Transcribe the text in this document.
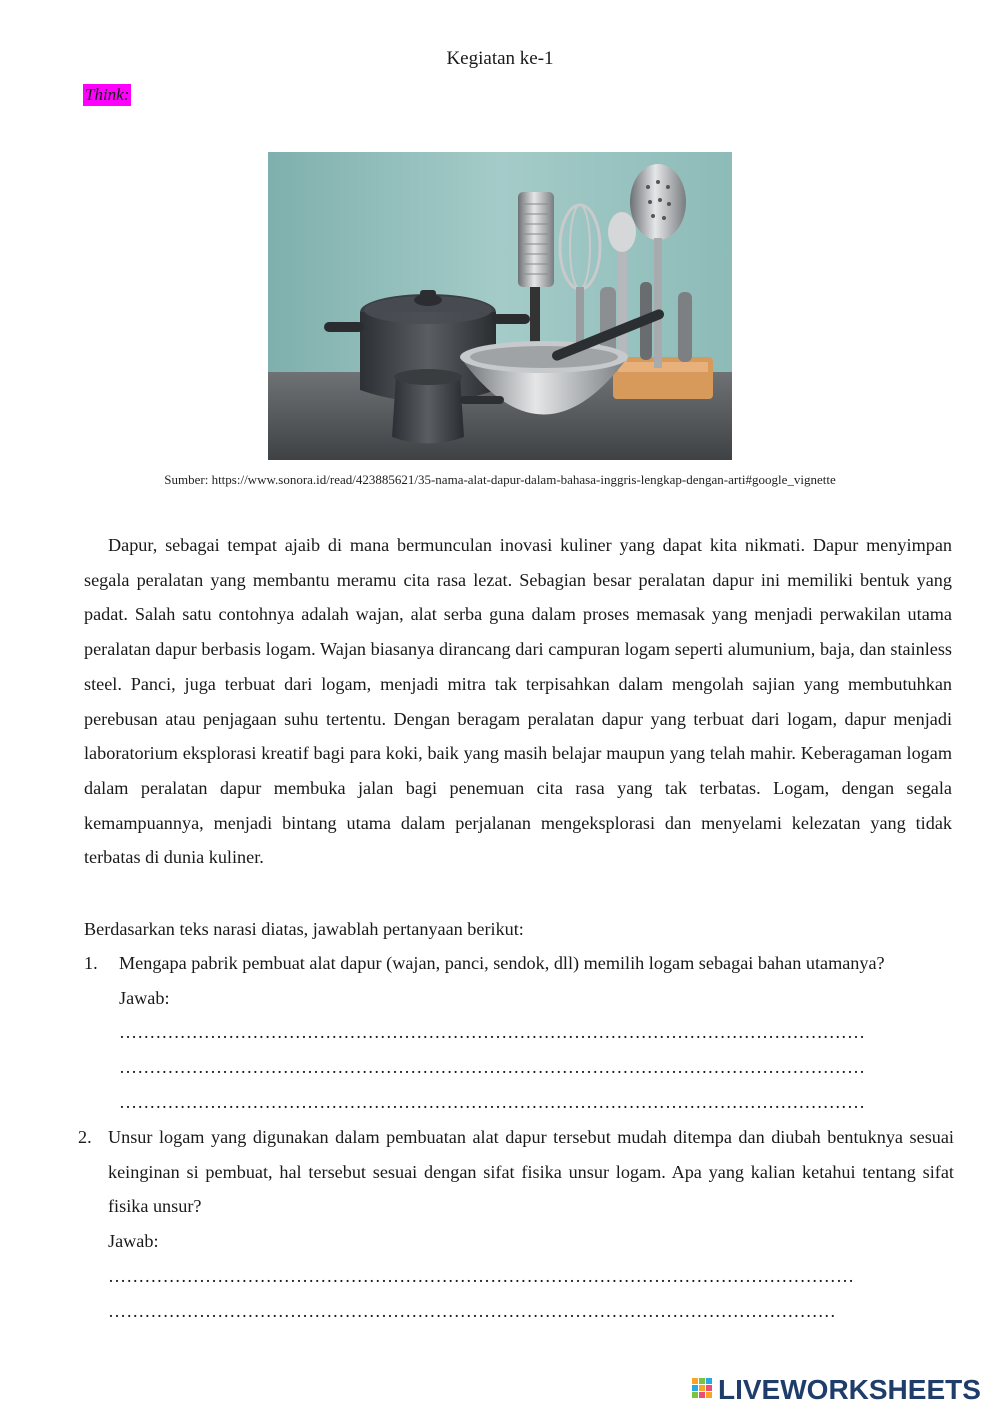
Kegiatan ke-1
Think:
Sumber: https://www.sonora.id/read/423885621/35-nama-alat-dapur-dalam-bahasa-inggris-lengkap-dengan-arti#google_vignette

Dapur, sebagai tempat ajaib di mana bermunculan inovasi kuliner yang dapat kita nikmati. Dapur menyimpan segala peralatan yang membantu meramu cita rasa lezat. Sebagian besar peralatan dapur ini memiliki bentuk yang padat. Salah satu contohnya adalah wajan, alat serba guna dalam proses memasak yang menjadi perwakilan utama peralatan dapur berbasis logam. Wajan biasanya dirancang dari campuran logam seperti alumunium, baja, dan stainless steel. Panci, juga terbuat dari logam, menjadi mitra tak terpisahkan dalam mengolah sajian yang membutuhkan perebusan atau penjagaan suhu tertentu. Dengan beragam peralatan dapur yang terbuat dari logam, dapur menjadi laboratorium eksplorasi kreatif bagi para koki, baik yang masih belajar maupun yang telah mahir. Keberagaman logam dalam peralatan dapur membuka jalan bagi penemuan cita rasa yang tak terbatas. Logam, dengan segala kemampuannya, menjadi bintang utama dalam perjalanan mengeksplorasi dan menyelami kelezatan yang tidak terbatas di dunia kuliner.

Berdasarkan teks narasi diatas, jawablah pertanyaan berikut:
1. Mengapa pabrik pembuat alat dapur (wajan, panci, sendok, dll) memilih logam sebagai bahan utamanya?
Jawab:
……………………………………………………………………………………………………………
……………………………………………………………………………………………………………
……………………………………………………………………………………………………………
2. Unsur logam yang digunakan dalam pembuatan alat dapur tersebut mudah ditempa dan diubah bentuknya sesuai keinginan si pembuat, hal tersebut sesuai dengan sifat fisika unsur logam. Apa yang kalian ketahui tentang sifat fisika unsur?
Jawab:
……………………………………………………………………………………………………………
…………………………………………………………………………………………………………
LIVEWORKSHEETS
